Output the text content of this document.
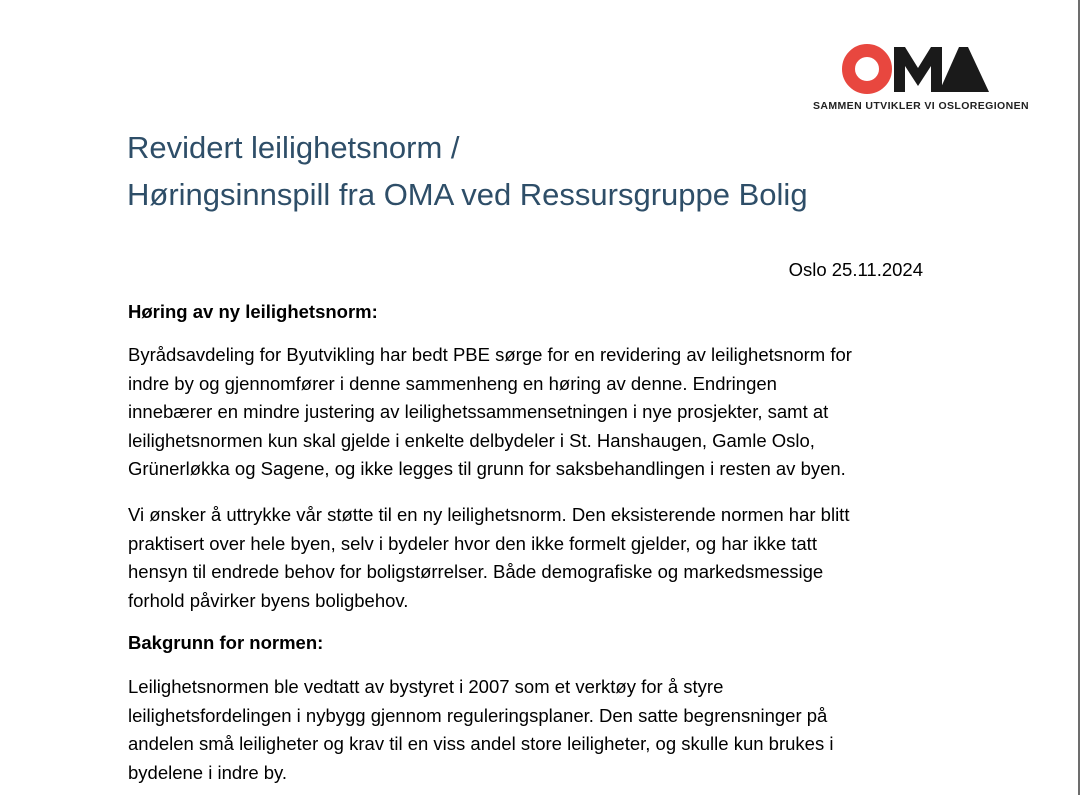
SAMMEN UTVIKLER VI OSLOREGIONEN
Revidert leilighetsnorm /
Høringsinnspill fra OMA ved Ressursgruppe Bolig
Oslo 25.11.2024
Høring av ny leilighetsnorm:

Byrådsavdeling for Byutvikling har bedt PBE sørge for en revidering av leilighetsnorm for
indre by og gjennomfører i denne sammenheng en høring av denne. Endringen
innebærer en mindre justering av leilighetssammensetningen i nye prosjekter, samt at
leilighetsnormen kun skal gjelde i enkelte delbydeler i St. Hanshaugen, Gamle Oslo,
Grünerløkka og Sagene, og ikke legges til grunn for saksbehandlingen i resten av byen.

Vi ønsker å uttrykke vår støtte til en ny leilighetsnorm. Den eksisterende normen har blitt
praktisert over hele byen, selv i bydeler hvor den ikke formelt gjelder, og har ikke tatt
hensyn til endrede behov for boligstørrelser. Både demografiske og markedsmessige
forhold påvirker byens boligbehov.

Bakgrunn for normen:

Leilighetsnormen ble vedtatt av bystyret i 2007 som et verktøy for å styre
leilighetsfordelingen i nybygg gjennom reguleringsplaner. Den satte begrensninger på
andelen små leiligheter og krav til en viss andel store leiligheter, og skulle kun brukes i
bydelene i indre by.
